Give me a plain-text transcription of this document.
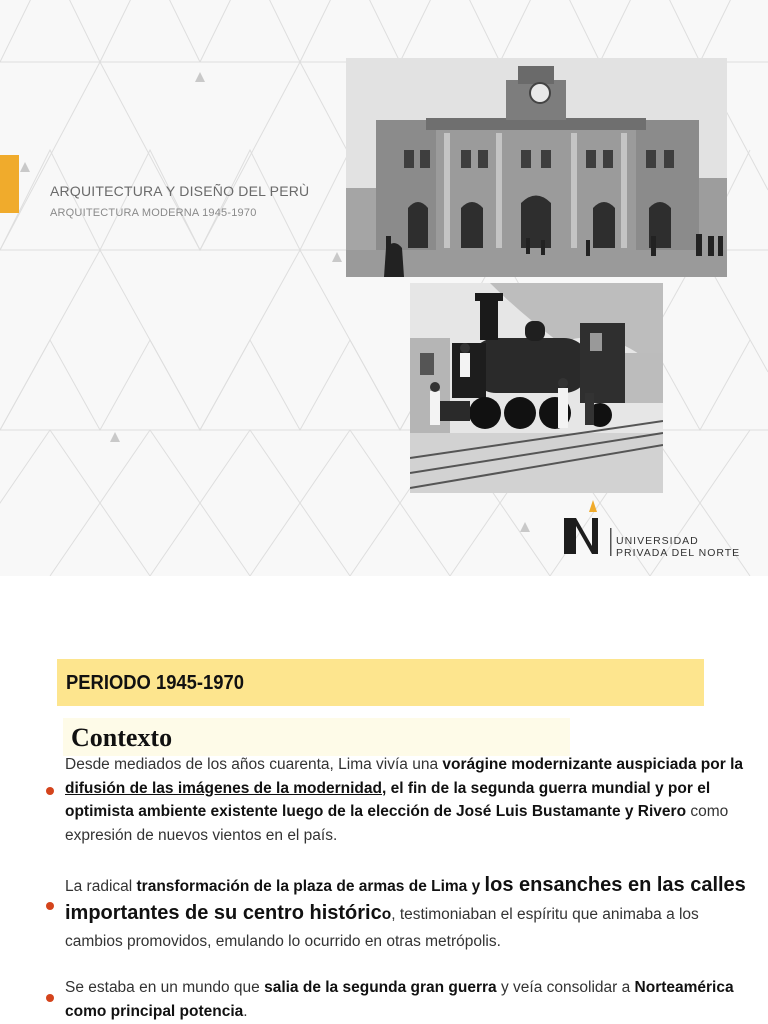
ARQUITECTURA Y DISEÑO DEL PERÙ
ARQUITECTURA MODERNA 1945-1970
UNIVERSIDAD
PRIVADA DEL NORTE
PERIODO 1945-1970
Contexto
Desde mediados de los años cuarenta, Lima vivía una vorágine modernizante auspiciada por la difusión de las imágenes de la modernidad, el fin de la segunda guerra mundial y por el optimista ambiente existente luego de la elección de José Luis Bustamante y Rivero como expresión de nuevos vientos en el país.
La radical transformación de la plaza de armas de Lima y los ensanches en las calles importantes de su centro histórico, testimoniaban el espíritu que animaba a los cambios promovidos, emulando lo ocurrido en otras metrópolis.
Se estaba en un mundo que salia de la segunda gran guerra y veía consolidar a Norteamérica como principal potencia.
